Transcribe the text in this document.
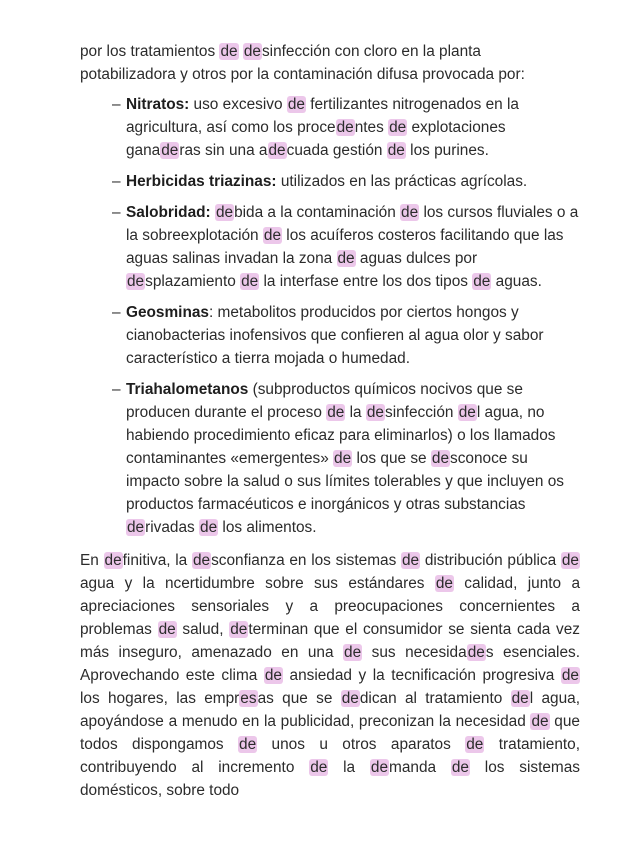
por los tratamientos de desinfección con cloro en la planta potabilizadora y otros por la contaminación difusa provocada por:

– Nitratos: uso excesivo de fertilizantes nitrogenados en la agricultura, así como los procedentes de explotaciones ganaderas sin una adecuada gestión de los purines.
– Herbicidas triazinas: utilizados en las prácticas agrícolas.
– Salobridad: debida a la contaminación de los cursos fluviales o a la sobreexplotación de los acuíferos costeros facilitando que las aguas salinas invadan la zona de aguas dulces por desplazamiento de la interfase entre los dos tipos de aguas.
– Geosminas: metabolitos producidos por ciertos hongos y cianobacterias inofensivos que confieren al agua olor y sabor característico a tierra mojada o humedad.
– Triahalometanos (subproductos químicos nocivos que se producen durante el proceso de la desinfección del agua, no habiendo procedimiento eficaz para eliminarlos) o los llamados contaminantes «emergentes» de los que se desconoce su impacto sobre la salud o sus límites tolerables y que incluyen os productos farmacéuticos e inorgánicos y otras substancias derivadas de los alimentos.

En definitiva, la desconfianza en los sistemas de distribución pública de agua y la ncertidumbre sobre sus estándares de calidad, junto a apreciaciones sensoriales y a preocupaciones concernientes a problemas de salud, determinan que el consumidor se sienta cada vez más inseguro, amenazado en una de sus necesidades esenciales. Aprovechando este clima de ansiedad y la tecnificación progresiva de los hogares, las empresas que se dedican al tratamiento del agua, apoyándose a menudo en la publicidad, preconizan la necesidad de que todos dispongamos de unos u otros aparatos de tratamiento, contribuyendo al incremento de la demanda de los sistemas domésticos, sobre todo
